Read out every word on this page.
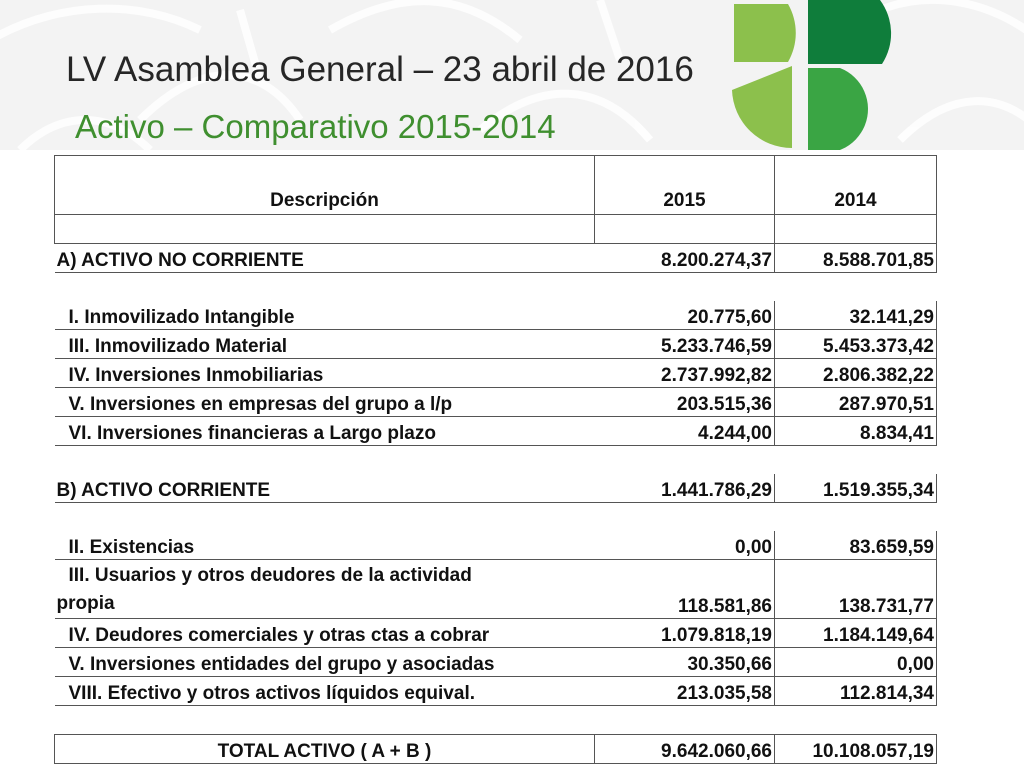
LV Asamblea General – 23 abril de 2016
Activo – Comparativo 2015-2014
Descripción	2015	2014

A) ACTIVO NO CORRIENTE	8.200.274,37	8.588.701,85

I. Inmovilizado Intangible	20.775,60	32.141,29
III. Inmovilizado Material	5.233.746,59	5.453.373,42
IV. Inversiones Inmobiliarias	2.737.992,82	2.806.382,22
V. Inversiones en empresas del grupo a l/p	203.515,36	287.970,51
VI. Inversiones financieras a Largo plazo	4.244,00	8.834,41

B) ACTIVO CORRIENTE	1.441.786,29	1.519.355,34

II. Existencias	0,00	83.659,59
III. Usuarios y otros deudores de la actividad
propia	118.581,86	138.731,77
IV. Deudores comerciales y otras ctas a cobrar	1.079.818,19	1.184.149,64
V. Inversiones entidades del grupo y asociadas	30.350,66	0,00
VIII. Efectivo y otros activos líquidos equival.	213.035,58	112.814,34

TOTAL ACTIVO ( A + B )	9.642.060,66	10.108.057,19
